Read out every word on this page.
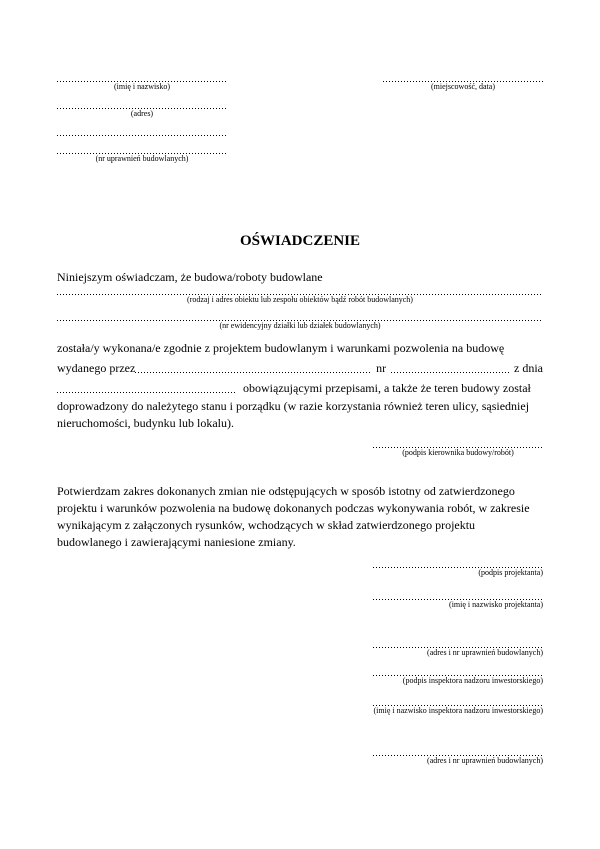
(imię i nazwisko)
(adres)
(nr uprawnień budowlanych)
(miejscowość, data)
OŚWIADCZENIE
Niniejszym oświadczam, że budowa/roboty budowlane
(rodzaj i adres obiektu lub zespołu obiektów bądź robót budowlanych)
(nr ewidencyjny działki lub działek budowlanych)
została/y wykonana/e zgodnie z projektem budowlanym i warunkami pozwolenia na budowę
wydanego przez	nr	z dnia
obowiązującymi przepisami, a także że teren budowy został
doprowadzony do należytego stanu i porządku (w razie korzystania również teren ulicy, sąsiedniej
nieruchomości, budynku lub lokalu).
(podpis kierownika budowy/robót)
Potwierdzam zakres dokonanych zmian nie odstępujących w sposób istotny od zatwierdzonego
projektu i warunków pozwolenia na budowę dokonanych podczas wykonywania robót, w zakresie
wynikającym z załączonych rysunków, wchodzących w skład zatwierdzonego projektu
budowlanego i zawierającymi naniesione zmiany.
(podpis projektanta)
(imię i nazwisko projektanta)
(adres i nr uprawnień budowlanych)
(podpis inspektora nadzoru inwestorskiego)
(imię i nazwisko inspektora nadzoru inwestorskiego)
(adres i nr uprawnień budowlanych)
